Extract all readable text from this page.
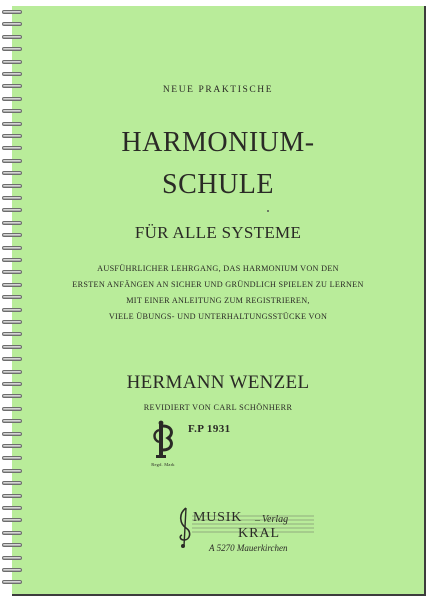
NEUE PRAKTISCHE
HARMONIUM-
SCHULE
FÜR ALLE SYSTEME
AUSFÜHRLICHER LEHRGANG, DAS HARMONIUM VON DEN
ERSTEN ANFÄNGEN AN SICHER UND GRÜNDLICH SPIELEN ZU LERNEN
MIT EINER ANLEITUNG ZUM REGISTRIEREN,
VIELE ÜBUNGS- UND UNTERHALTUNGSSTÜCKE VON
HERMANN WENZEL
REVIDIERT VON CARL SCHÖNHERR
Regd. Mark
F.P 1931
MUSIK – Verlag
KRAL
A 5270 Mauerkirchen
